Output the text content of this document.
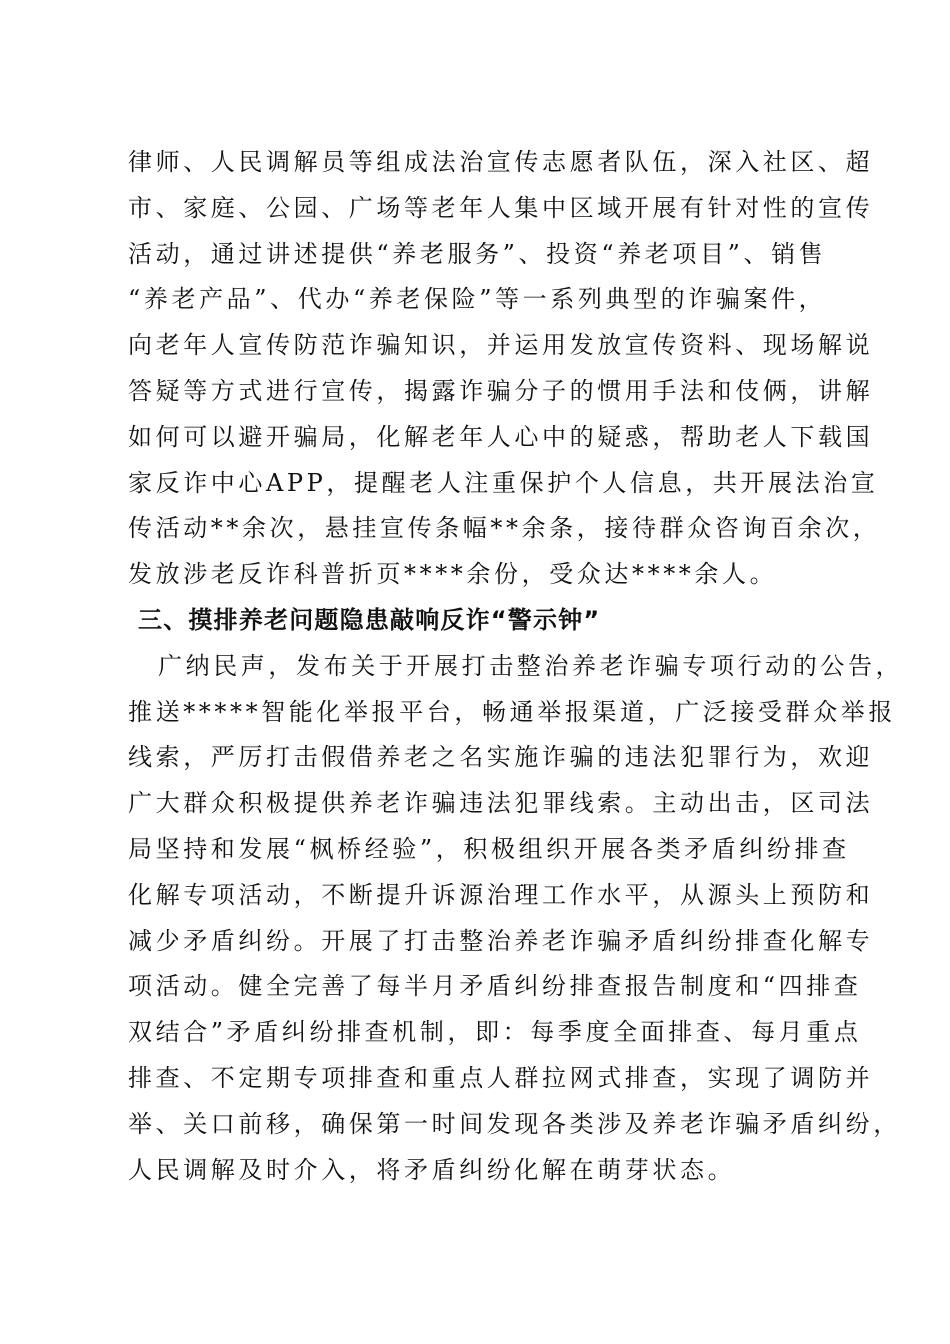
律师、人民调解员等组成法治宣传志愿者队伍，深入社区、超
市、家庭、公园、广场等老年人集中区域开展有针对性的宣传
活动，通过讲述提供“养老服务”、投资“养老项目”、销售
“养老产品”、代办“养老保险”等一系列典型的诈骗案件，
向老年人宣传防范诈骗知识，并运用发放宣传资料、现场解说
答疑等方式进行宣传，揭露诈骗分子的惯用手法和伎俩，讲解
如何可以避开骗局，化解老年人心中的疑惑，帮助老人下载国
家反诈中心APP，提醒老人注重保护个人信息，共开展法治宣
传活动**余次，悬挂宣传条幅**余条，接待群众咨询百余次，
发放涉老反诈科普折页****余份，受众达****余人。
三、摸排养老问题隐患敲响反诈“警示钟”
广纳民声，发布关于开展打击整治养老诈骗专项行动的公告，
推送*****智能化举报平台，畅通举报渠道，广泛接受群众举报
线索，严厉打击假借养老之名实施诈骗的违法犯罪行为，欢迎
广大群众积极提供养老诈骗违法犯罪线索。主动出击，区司法
局坚持和发展“枫桥经验”，积极组织开展各类矛盾纠纷排查
化解专项活动，不断提升诉源治理工作水平，从源头上预防和
减少矛盾纠纷。开展了打击整治养老诈骗矛盾纠纷排查化解专
项活动。健全完善了每半月矛盾纠纷排查报告制度和“四排查
双结合”矛盾纠纷排查机制，即：每季度全面排查、每月重点
排查、不定期专项排查和重点人群拉网式排查，实现了调防并
举、关口前移，确保第一时间发现各类涉及养老诈骗矛盾纠纷，
人民调解及时介入，将矛盾纠纷化解在萌芽状态。
